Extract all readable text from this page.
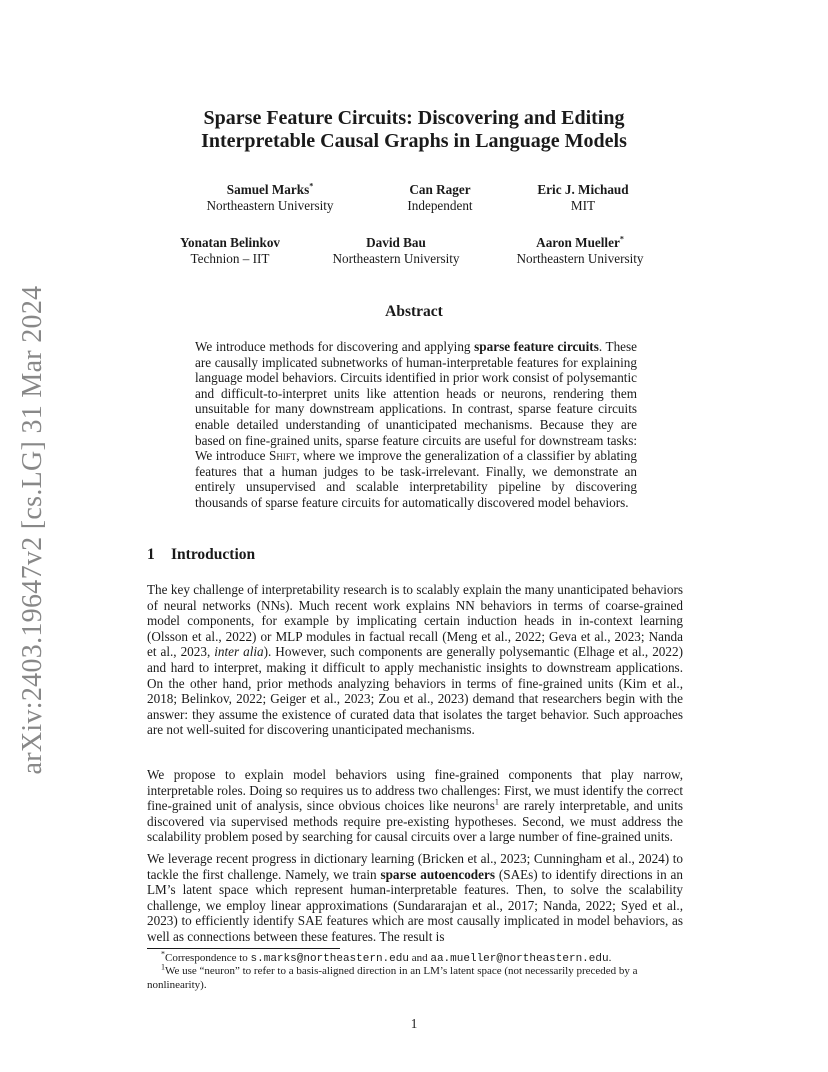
arXiv:2403.19647v2 [cs.LG] 31 Mar 2024
Sparse Feature Circuits: Discovering and Editing
Interpretable Causal Graphs in Language Models
Samuel Marks*
Northeastern University
Can Rager
Independent
Eric J. Michaud
MIT
Yonatan Belinkov
Technion – IIT
David Bau
Northeastern University
Aaron Mueller*
Northeastern University
Abstract

We introduce methods for discovering and applying sparse feature circuits. These are causally implicated subnetworks of human-interpretable features for explaining language model behaviors. Circuits identified in prior work consist of polysemantic and difficult-to-interpret units like attention heads or neurons, rendering them unsuitable for many downstream applications. In contrast, sparse feature circuits enable detailed understanding of unanticipated mechanisms. Because they are based on fine-grained units, sparse feature circuits are useful for downstream tasks: We introduce Shift, where we improve the generalization of a classifier by ablating features that a human judges to be task-irrelevant. Finally, we demonstrate an entirely unsupervised and scalable interpretability pipeline by discovering thousands of sparse feature circuits for automatically discovered model behaviors.

1 Introduction

The key challenge of interpretability research is to scalably explain the many unanticipated behaviors of neural networks (NNs). Much recent work explains NN behaviors in terms of coarse-grained model components, for example by implicating certain induction heads in in-context learning (Olsson et al., 2022) or MLP modules in factual recall (Meng et al., 2022; Geva et al., 2023; Nanda et al., 2023, inter alia). However, such components are generally polysemantic (Elhage et al., 2022) and hard to interpret, making it difficult to apply mechanistic insights to downstream applications. On the other hand, prior methods analyzing behaviors in terms of fine-grained units (Kim et al., 2018; Belinkov, 2022; Geiger et al., 2023; Zou et al., 2023) demand that researchers begin with the answer: they assume the existence of curated data that isolates the target behavior. Such approaches are not well-suited for discovering unanticipated mechanisms.

We propose to explain model behaviors using fine-grained components that play narrow, interpretable roles. Doing so requires us to address two challenges: First, we must identify the correct fine-grained unit of analysis, since obvious choices like neurons$^1$ are rarely interpretable, and units discovered via supervised methods require pre-existing hypotheses. Second, we must address the scalability problem posed by searching for causal circuits over a large number of fine-grained units.

We leverage recent progress in dictionary learning (Bricken et al., 2023; Cunningham et al., 2024) to tackle the first challenge. Namely, we train sparse autoencoders (SAEs) to identify directions in an LM’s latent space which represent human-interpretable features. Then, to solve the scalability challenge, we employ linear approximations (Sundararajan et al., 2017; Nanda, 2022; Syed et al., 2023) to efficiently identify SAE features which are most causally implicated in model behaviors, as well as connections between these features. The result is

*Correspondence to s.marks@northeastern.edu and aa.mueller@northeastern.edu.

$^1$We use “neuron” to refer to a basis-aligned direction in an LM’s latent space (not necessarily preceded by a nonlinearity).

1
